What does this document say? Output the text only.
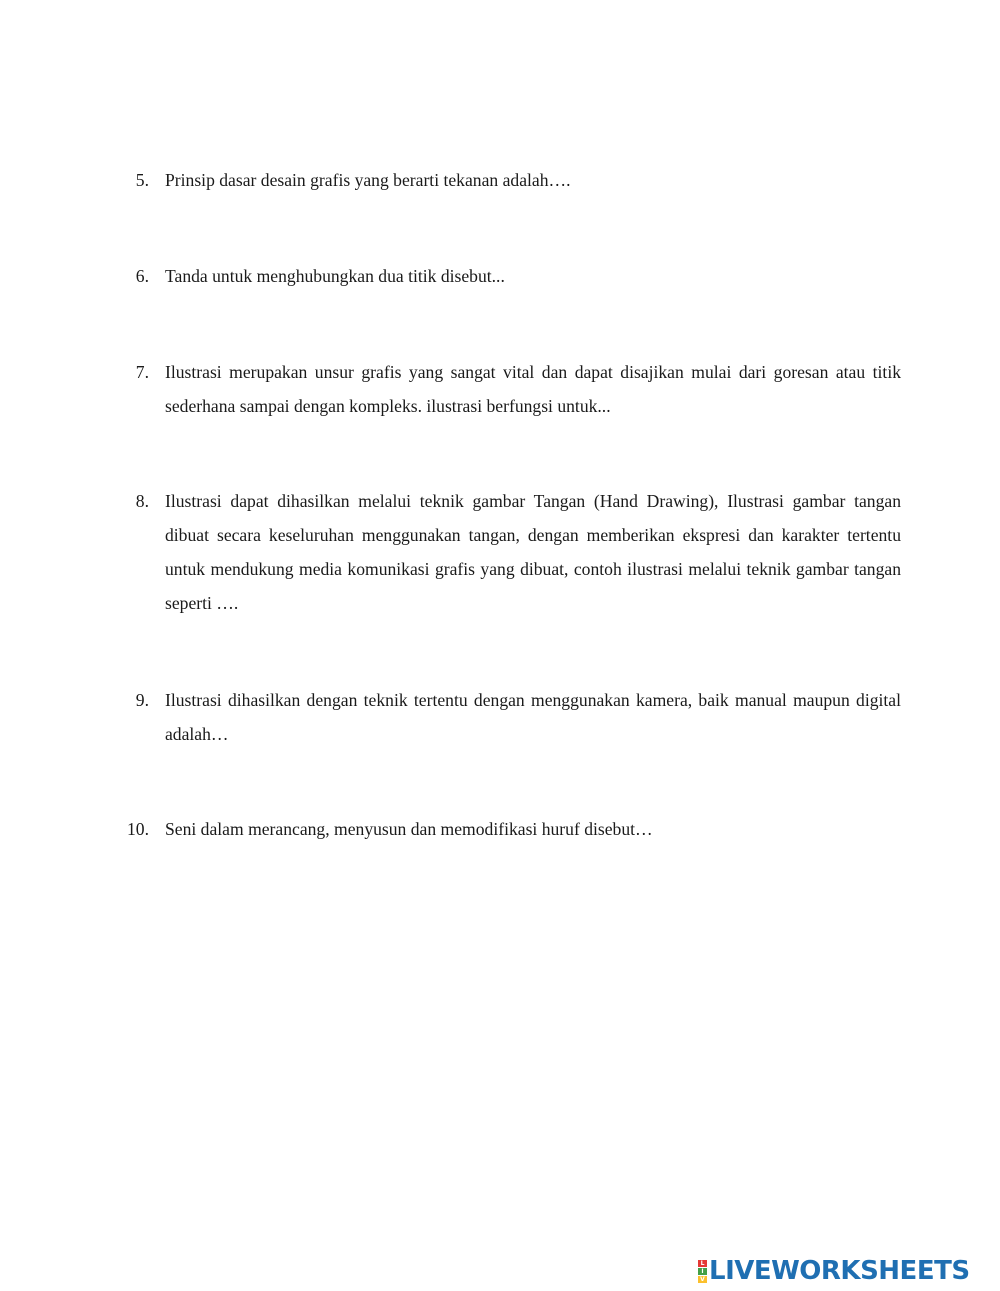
5. Prinsip dasar desain grafis yang berarti tekanan adalah….
6. Tanda untuk menghubungkan dua titik disebut...
7. Ilustrasi merupakan unsur grafis yang sangat vital dan dapat disajikan mulai dari goresan atau titik sederhana sampai dengan kompleks. ilustrasi berfungsi untuk...
8. Ilustrasi dapat dihasilkan melalui teknik gambar Tangan (Hand Drawing), Ilustrasi gambar tangan dibuat secara keseluruhan menggunakan tangan, dengan memberikan ekspresi dan karakter tertentu untuk mendukung media komunikasi grafis yang dibuat, contoh ilustrasi melalui teknik gambar tangan seperti ….
9. Ilustrasi dihasilkan dengan teknik tertentu dengan menggunakan kamera, baik manual maupun digital adalah…
10. Seni dalam merancang, menyusun dan memodifikasi huruf disebut…
L
I
V LIVEWORKSHEETS
